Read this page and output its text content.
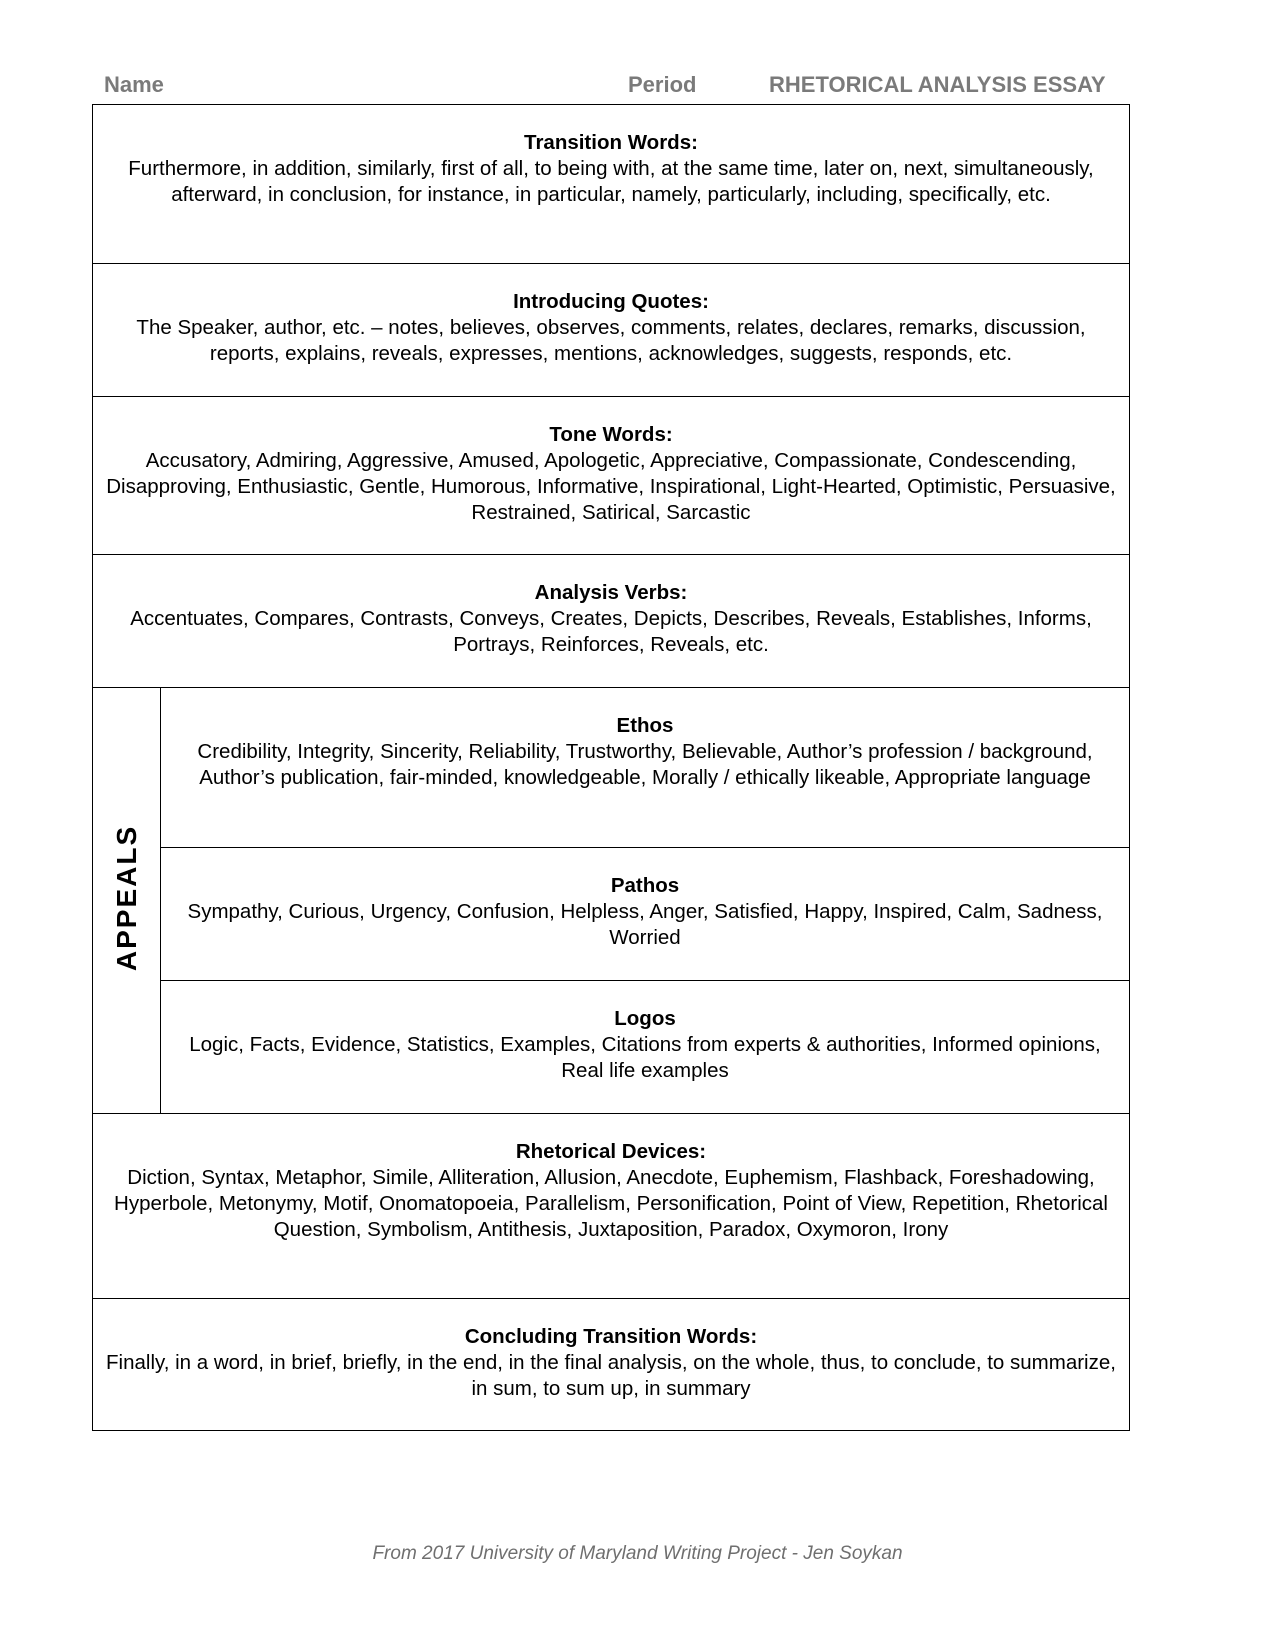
Name	Period	RHETORICAL ANALYSIS ESSAY
Transition Words:
Furthermore, in addition, similarly, first of all, to being with, at the same time, later on, next, simultaneously, afterward, in conclusion, for instance, in particular, namely, particularly, including, specifically, etc.
Introducing Quotes:
The Speaker, author, etc. – notes, believes, observes, comments, relates, declares, remarks, discussion, reports, explains, reveals, expresses, mentions, acknowledges, suggests, responds, etc.
Tone Words:
Accusatory, Admiring, Aggressive, Amused, Apologetic, Appreciative, Compassionate, Condescending, Disapproving, Enthusiastic, Gentle, Humorous, Informative, Inspirational, Light-Hearted, Optimistic, Persuasive, Restrained, Satirical, Sarcastic
Analysis Verbs:
Accentuates, Compares, Contrasts, Conveys, Creates, Depicts, Describes, Reveals, Establishes, Informs, Portrays, Reinforces, Reveals, etc.
APPEALS
Ethos
Credibility, Integrity, Sincerity, Reliability, Trustworthy, Believable, Author’s profession / background, Author’s publication, fair-minded, knowledgeable, Morally / ethically likeable, Appropriate language
Pathos
Sympathy, Curious, Urgency, Confusion, Helpless, Anger, Satisfied, Happy, Inspired, Calm, Sadness, Worried
Logos
Logic, Facts, Evidence, Statistics, Examples, Citations from experts & authorities, Informed opinions, Real life examples
Rhetorical Devices:
Diction, Syntax, Metaphor, Simile, Alliteration, Allusion, Anecdote, Euphemism, Flashback, Foreshadowing, Hyperbole, Metonymy, Motif, Onomatopoeia, Parallelism, Personification, Point of View, Repetition, Rhetorical Question, Symbolism, Antithesis, Juxtaposition, Paradox, Oxymoron, Irony
Concluding Transition Words:
Finally, in a word, in brief, briefly, in the end, in the final analysis, on the whole, thus, to conclude, to summarize, in sum, to sum up, in summary
From 2017 University of Maryland Writing Project - Jen Soykan
